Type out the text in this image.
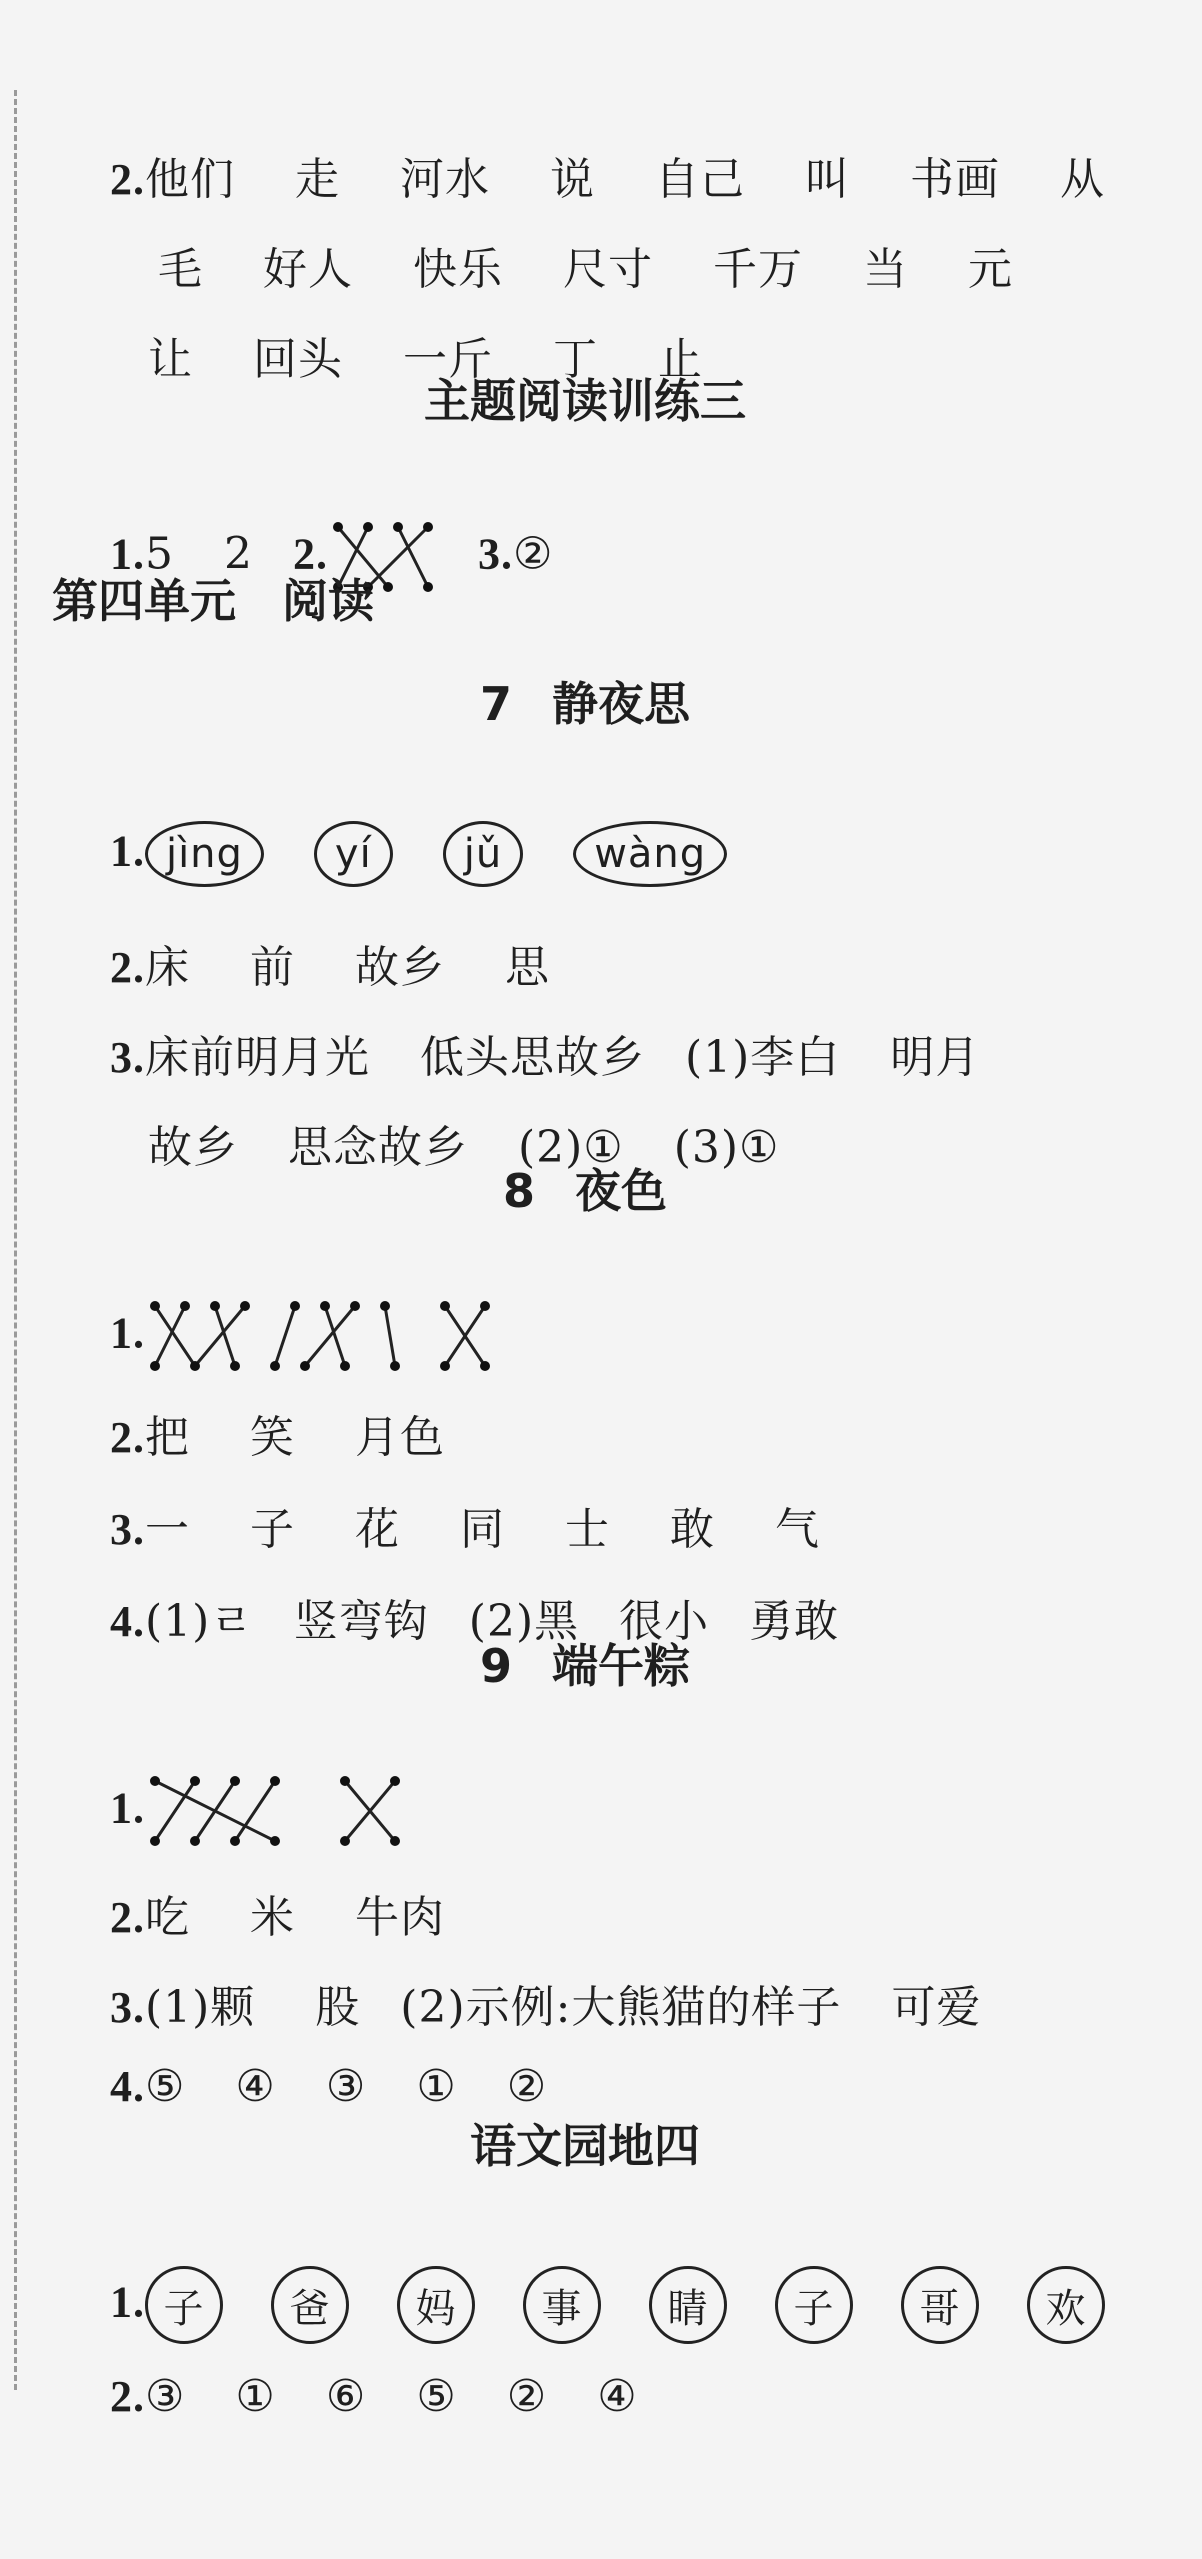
2.他们 走 河水 说 自己 叫 书画 从

毛 好人 快乐 尺寸 千万 当 元

让 回头 一斤 丁 止

主题阅读训练三

1.5 2 2.	3.②

第四单元　阅读
7 静夜思

1. jìng yí jǔ wàng

2.床 前 故乡 思

3.床前明月光 低头思故乡 (1)李白 明月

故乡 思念故乡 (2)① (3)①

8 夜色

1.

2.把 笑 月色

3.一 子 花 同 士 敢 气

4.(1)ㄹ 竖弯钩 (2)黑 很小 勇敢

9 端午粽

1.

2.吃 米 牛肉

3.(1)颗 股 (2)示例:大熊猫的样子 可爱

4.⑤ ④ ③ ① ②

语文园地四

1. 子 爸 妈 事 睛 子 哥 欢

2.③ ① ⑥ ⑤ ② ④
